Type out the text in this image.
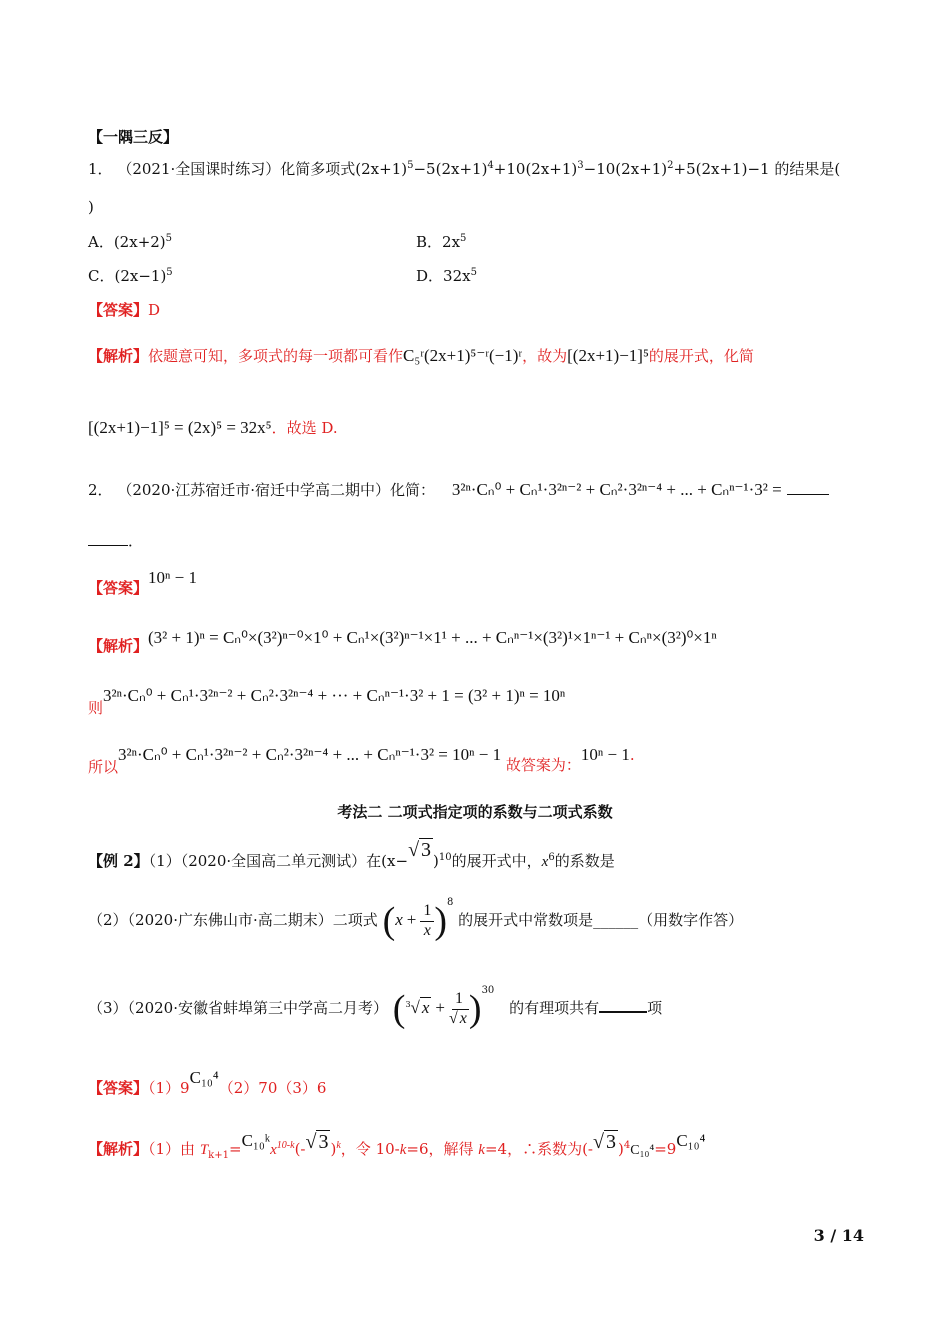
【一隅三反】
1． （2021·全国课时练习）化简多项式$(2x+1)^5-5(2x+1)^4+10(2x+1)^3-10(2x+1)^2+5(2x+1)-1$ 的结果是(
)
A．$(2x+2)^5$	B．$2x^5$
C．$(2x-1)^5$	D．$32x^5$
【答案】D
【解析】依题意可知，多项式的每一项都可看作C₅ʳ(2x+1)⁵⁻ʳ(−1)ʳ，故为[(2x+1)−1]⁵的展开式，化简
[(2x+1)−1]⁵ = (2x)⁵ = 32x⁵．故选 D.
2． （2020·江苏宿迁市·宿迁中学高二期中）化简： 3²ⁿ·Cₙ⁰ + Cₙ¹·3²ⁿ⁻² + Cₙ²·3²ⁿ⁻⁴ + ... + Cₙⁿ⁻¹·3² =
．
【答案】10ⁿ − 1
【解析】(3² + 1)ⁿ = Cₙ⁰×(3²)ⁿ⁻⁰×1⁰ + Cₙ¹×(3²)ⁿ⁻¹×1¹ + ... + Cₙⁿ⁻¹×(3²)¹×1ⁿ⁻¹ + Cₙⁿ×(3²)⁰×1ⁿ
则3²ⁿ·Cₙ⁰ + Cₙ¹·3²ⁿ⁻² + Cₙ²·3²ⁿ⁻⁴ + ··· + Cₙⁿ⁻¹·3² + 1 = (3² + 1)ⁿ = 10ⁿ
所以3²ⁿ·Cₙ⁰ + Cₙ¹·3²ⁿ⁻² + Cₙ²·3²ⁿ⁻⁴ + ... + Cₙⁿ⁻¹·3² = 10ⁿ − 1 故答案为：10ⁿ − 1.
考法二 二项式指定项的系数与二项式系数
【例 2】（1）（2020·全国高二单元测试）在(x−√ 3 )$^{10}$的展开式中，$x^6$的系数是
（2）（2020·广东佛山市·高二期末）二项式 $(x + \frac{1}{x} )^8$ 的展开式中常数项是______（用数字作答）
（3）（2020·安徽省蚌埠第三中学高二月考） ($^3$√ $x + \frac{1}{√ x} )^{30}$ 的有理项共有	项
【答案】（1）9C₁₀⁴（2）70（3）6
【解析】（1）由 $T_{k+1}=C_{10}ᵏx^{10-k}(-√$ 3 )$^k$，令 10-k=6，解得 k=4，∴系数为(-√ 3 )$^4$C₁₀⁴=9C₁₀⁴
3 / 14
